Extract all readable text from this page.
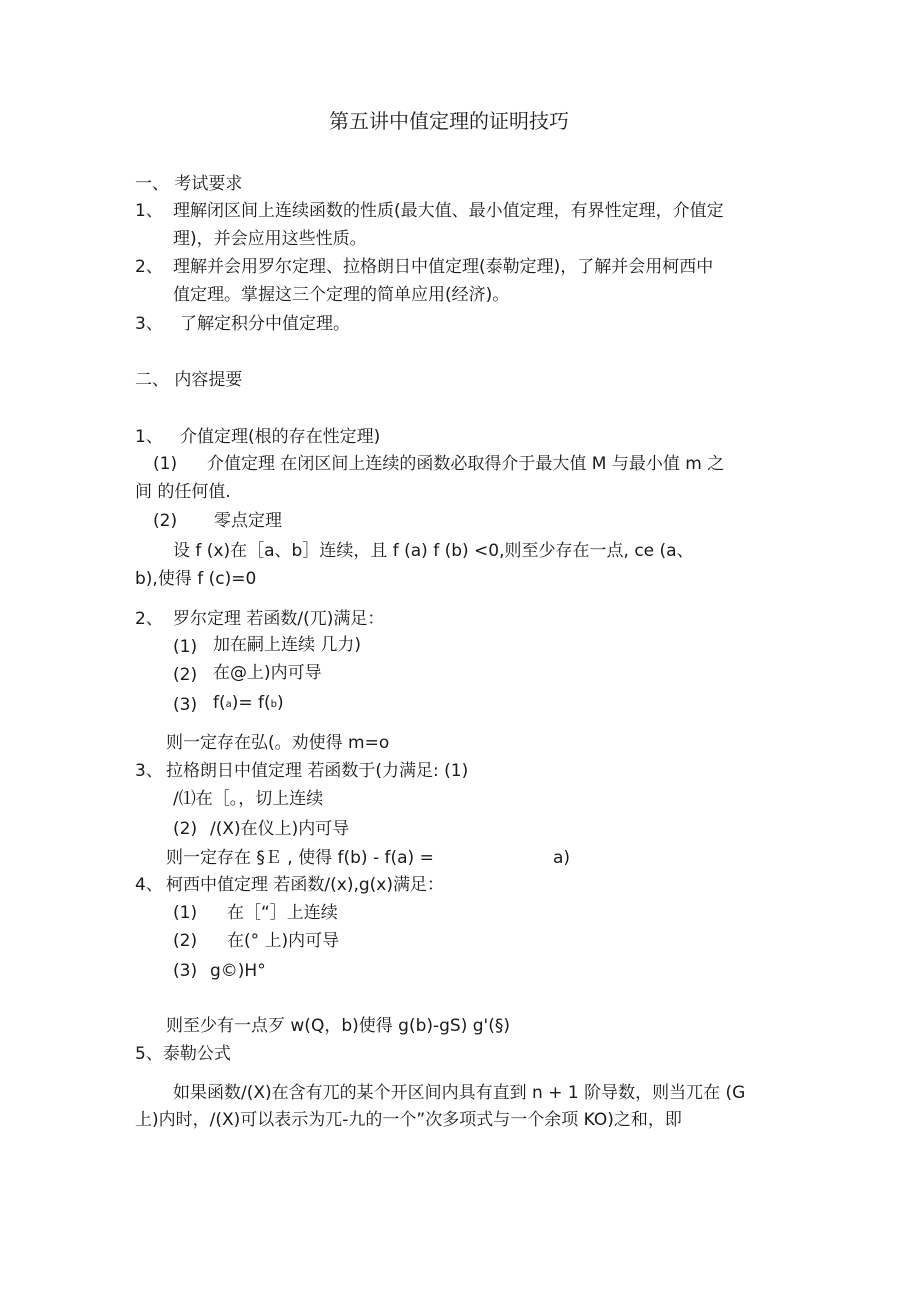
第五讲中值定理的证明技巧
一、 考试要求
1、 理解闭区间上连续函数的性质(最大值、最小值定理，有界性定理，介值定
理)，并会应用这些性质。
2、 理解并会用罗尔定理、拉格朗日中值定理(泰勒定理)，了解并会用柯西中
值定理。掌握这三个定理的简单应用(经济)。
3、 了解定积分中值定理。
二、 内容提要
1、 介值定理(根的存在性定理)
(1) 介值定理 在闭区间上连续的函数必取得介于最大值 M 与最小值 m 之
间 的任何值.
(2) 零点定理
设 f (x)在［a、b］连续，且 f (a) f (b) <0,则至少存在一点, ce (a、
b),使得 f (c)=0
2、 罗尔定理 若函数/(兀)满足：
(1) 加在嗣上连续 几力)
(2) 在@上)内可导
(3) f(a)= f(b)
则一定存在弘(。劝使得 m=o
3、 拉格朗日中值定理 若函数于(力满足: (1)
/⑴在［。，切上连续
(2) /(X)在仪上)内可导
则一定存在 §Ｅ , 使得 f(b) - f(a) =	a)
4、 柯西中值定理 若函数/(x),g(x)满足：
(1) 在［“］上连续
(2) 在(° 上)内可导
(3) g©)H°
则至少有一点歹 w(Q，b)使得 g(b)-gS) g'(§)
5、泰勒公式
如果函数/(X)在含有兀的某个开区间内具有直到 n + 1 阶导数，则当兀在 (G
上)内时，/(X)可以表示为兀-九的一个”次多项式与一个余项 KO)之和，即
